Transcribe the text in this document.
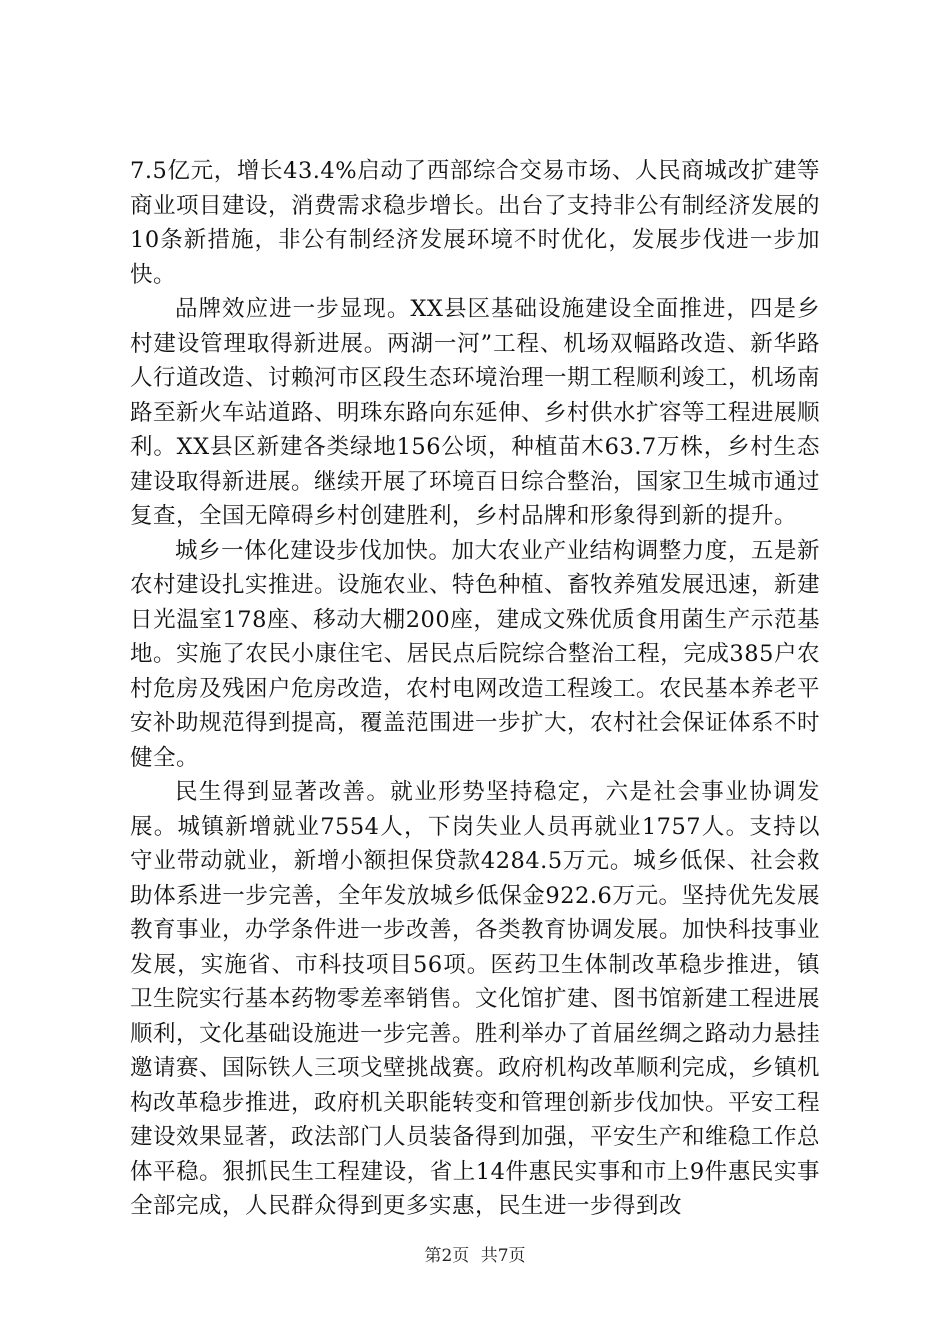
7.5亿元，增长43.4%启动了西部综合交易市场、人民商城改扩建等商业项目建设，消费需求稳步增长。出台了支持非公有制经济发展的10条新措施，非公有制经济发展环境不时优化，发展步伐进一步加快。

品牌效应进一步显现。XX县区基础设施建设全面推进，四是乡村建设管理取得新进展。两湖一河”工程、机场双幅路改造、新华路人行道改造、讨赖河市区段生态环境治理一期工程顺利竣工，机场南路至新火车站道路、明珠东路向东延伸、乡村供水扩容等工程进展顺利。XX县区新建各类绿地156公顷，种植苗木63.7万株，乡村生态建设取得新进展。继续开展了环境百日综合整治，国家卫生城市通过复查，全国无障碍乡村创建胜利，乡村品牌和形象得到新的提升。

城乡一体化建设步伐加快。加大农业产业结构调整力度，五是新农村建设扎实推进。设施农业、特色种植、畜牧养殖发展迅速，新建日光温室178座、移动大棚200座，建成文殊优质食用菌生产示范基地。实施了农民小康住宅、居民点后院综合整治工程，完成385户农村危房及残困户危房改造，农村电网改造工程竣工。农民基本养老平安补助规范得到提高，覆盖范围进一步扩大，农村社会保证体系不时健全。

民生得到显著改善。就业形势坚持稳定，六是社会事业协调发展。城镇新增就业7554人，下岗失业人员再就业1757人。支持以守业带动就业，新增小额担保贷款4284.5万元。城乡低保、社会救助体系进一步完善，全年发放城乡低保金922.6万元。坚持优先发展教育事业，办学条件进一步改善，各类教育协调发展。加快科技事业发展，实施省、市科技项目56项。医药卫生体制改革稳步推进，镇卫生院实行基本药物零差率销售。文化馆扩建、图书馆新建工程进展顺利，文化基础设施进一步完善。胜利举办了首届丝绸之路动力悬挂邀请赛、国际铁人三项戈壁挑战赛。政府机构改革顺利完成，乡镇机构改革稳步推进，政府机关职能转变和管理创新步伐加快。平安工程建设效果显著，政法部门人员装备得到加强，平安生产和维稳工作总体平稳。狠抓民生工程建设，省上14件惠民实事和市上9件惠民实事全部完成，人民群众得到更多实惠，民生进一步得到改

第2页 共7页
